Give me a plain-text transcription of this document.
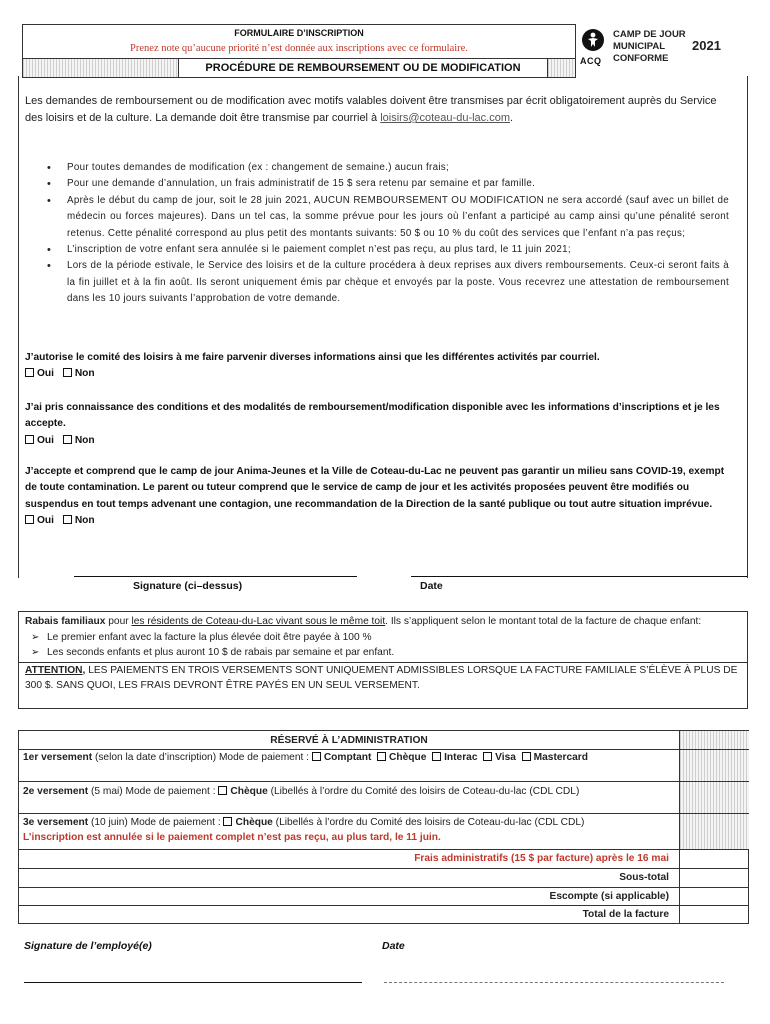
FORMULAIRE D’INSCRIPTION
Prenez note qu’aucune priorité n’est donnée aux inscriptions avec ce formulaire.
PROCÉDURE DE REMBOURSEMENT OU DE MODIFICATION
ACQ
CAMP DE JOUR
MUNICIPAL
CONFORME
2021
Les demandes de remboursement ou de modification avec motifs valables doivent être transmises par écrit obligatoirement auprès du Service des loisirs et de la culture. La demande doit être transmise par courriel à loisirs@coteau-du-lac.com.
• Pour toutes demandes de modification (ex : changement de semaine.) aucun frais;
• Pour une demande d’annulation, un frais administratif de 15 $ sera retenu par semaine et par famille.
• Après le début du camp de jour, soit le 28 juin 2021, AUCUN REMBOURSEMENT OU MODIFICATION ne sera accordé (sauf avec un billet de médecin ou forces majeures). Dans un tel cas, la somme prévue pour les jours où l’enfant a participé au camp ainsi qu’une pénalité seront retenus. Cette pénalité correspond au plus petit des montants suivants: 50 $ ou 10 % du coût des services que l’enfant n’a pas reçus;
• L’inscription de votre enfant sera annulée si le paiement complet n’est pas reçu, au plus tard, le 11 juin 2021;
• Lors de la période estivale, le Service des loisirs et de la culture procédera à deux reprises aux divers remboursements. Ceux-ci seront faits à la fin juillet et à la fin août. Ils seront uniquement émis par chèque et envoyés par la poste. Vous recevrez une attestation de remboursement dans les 10 jours suivants l’approbation de votre demande.
J’autorise le comité des loisirs à me faire parvenir diverses informations ainsi que les différentes activités par courriel.
Oui Non
J’ai pris connaissance des conditions et des modalités de remboursement/modification disponible avec les informations d’inscriptions et je les accepte.
Oui Non
J’accepte et comprend que le camp de jour Anima-Jeunes et la Ville de Coteau-du-Lac ne peuvent pas garantir un milieu sans COVID-19, exempt de toute contamination. Le parent ou tuteur comprend que le service de camp de jour et les activités proposées peuvent être modifiés ou suspendus en tout temps advenant une contagion, une recommandation de la Direction de la santé publique ou tout autre situation imprévue.
Oui Non
Signature (ci–dessus)	Date
Rabais familiaux pour les résidents de Coteau-du-Lac vivant sous le même toit. Ils s’appliquent selon le montant total de la facture de chaque enfant:
➢ Le premier enfant avec la facture la plus élevée doit être payée à 100 %
➢ Les seconds enfants et plus auront 10 $ de rabais par semaine et par enfant.
ATTENTION, LES PAIEMENTS EN TROIS VERSEMENTS SONT UNIQUEMENT ADMISSIBLES LORSQUE LA FACTURE FAMILIALE S’ÉLÈVE À PLUS DE 300 $. SANS QUOI, LES FRAIS DEVRONT ÊTRE PAYÉS EN UN SEUL VERSEMENT.
RÉSERVÉ À L’ADMINISTRATION
1er versement (selon la date d’inscription) Mode de paiement : Comptant Chèque Interac Visa Mastercard
2e versement (5 mai) Mode de paiement : Chèque (Libellés à l’ordre du Comité des loisirs de Coteau-du-lac (CDL CDL)
3e versement (10 juin) Mode de paiement : Chèque (Libellés à l’ordre du Comité des loisirs de Coteau-du-lac (CDL CDL)
L’inscription est annulée si le paiement complet n’est pas reçu, au plus tard, le 11 juin.
Frais administratifs (15 $ par facture) après le 16 mai
Sous-total
Escompte (si applicable)
Total de la facture
Signature de l’employé(e)	Date
